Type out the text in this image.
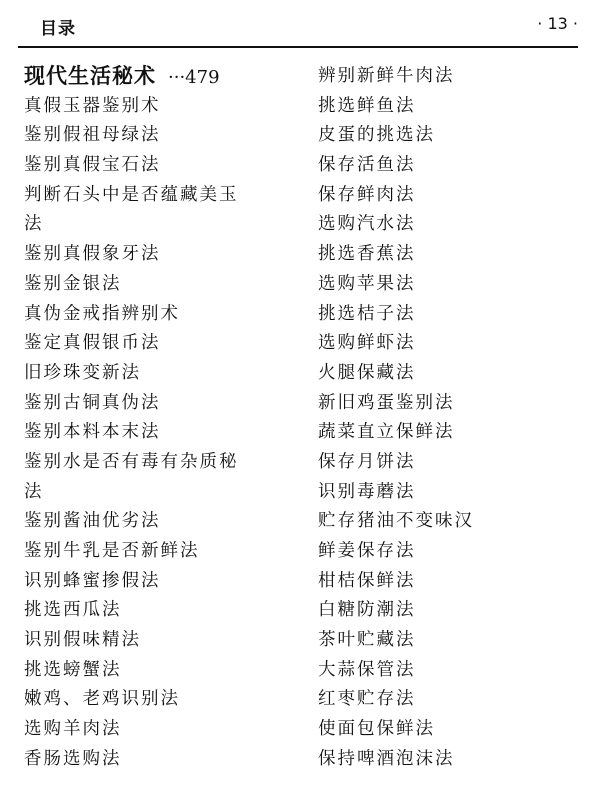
目录	· 13 ·
现代生活秘术 ···479
真假玉器鉴别术
鉴别假祖母绿法
鉴别真假宝石法
判断石头中是否蕴藏美玉
法
鉴别真假象牙法
鉴别金银法
真伪金戒指辨别术
鉴定真假银币法
旧珍珠变新法
鉴别古铜真伪法
鉴别本料本末法
鉴别水是否有毒有杂质秘
法
鉴别酱油优劣法
鉴别牛乳是否新鲜法
识别蜂蜜掺假法
挑选西瓜法
识别假味精法
挑选螃蟹法
嫩鸡、老鸡识别法
选购羊肉法
香肠选购法
辨别新鲜牛肉法
挑选鲜鱼法
皮蛋的挑选法
保存活鱼法
保存鲜肉法
选购汽水法
挑选香蕉法
选购苹果法
挑选桔子法
选购鲜虾法
火腿保藏法
新旧鸡蛋鉴别法
蔬菜直立保鲜法
保存月饼法
识别毒蘑法
贮存猪油不变味汉
鲜姜保存法
柑桔保鲜法
白糖防潮法
茶叶贮藏法
大蒜保管法
红枣贮存法
使面包保鲜法
保持啤酒泡沫法
